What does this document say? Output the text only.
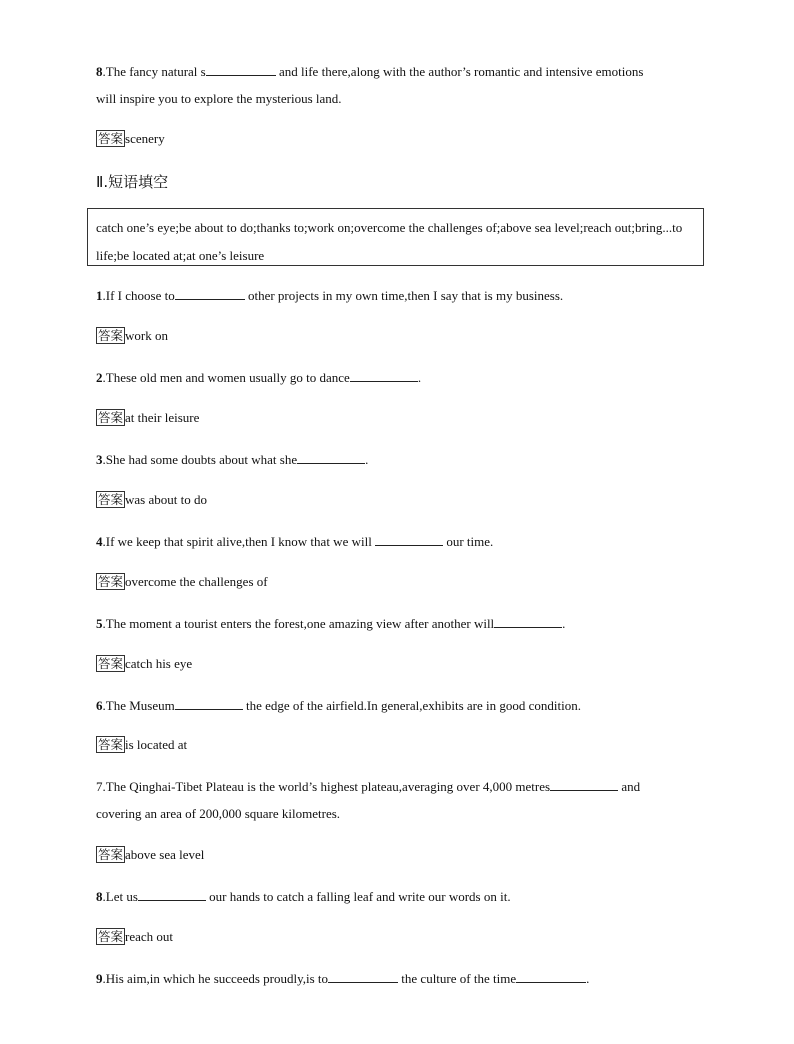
8.The fancy natural s	and life there,along with the author’s romantic and intensive emotions
will inspire you to explore the mysterious land.
答案 scenery
Ⅱ.短语填空
catch one’s eye;be about to do;thanks to;work on;overcome the challenges of;above sea level;reach out;bring...to life;be located at;at one’s leisure
1.If I choose to	other projects in my own time,then I say that is my business.
答案 work on
2.These old men and women usually go to dance	.
答案 at their leisure
3.She had some doubts about what she	.
答案 was about to do
4.If we keep that spirit alive,then I know that we will	our time.
答案 overcome the challenges of
5.The moment a tourist enters the forest,one amazing view after another will	.
答案 catch his eye
6.The Museum	the edge of the airfield.In general,exhibits are in good condition.
答案 is located at
7.The Qinghai-Tibet Plateau is the world’s highest plateau,averaging over 4,000 metres	and
covering an area of 200,000 square kilometres.
答案 above sea level
8.Let us	our hands to catch a falling leaf and write our words on it.
答案 reach out
9.His aim,in which he succeeds proudly,is to	the culture of the time	.
